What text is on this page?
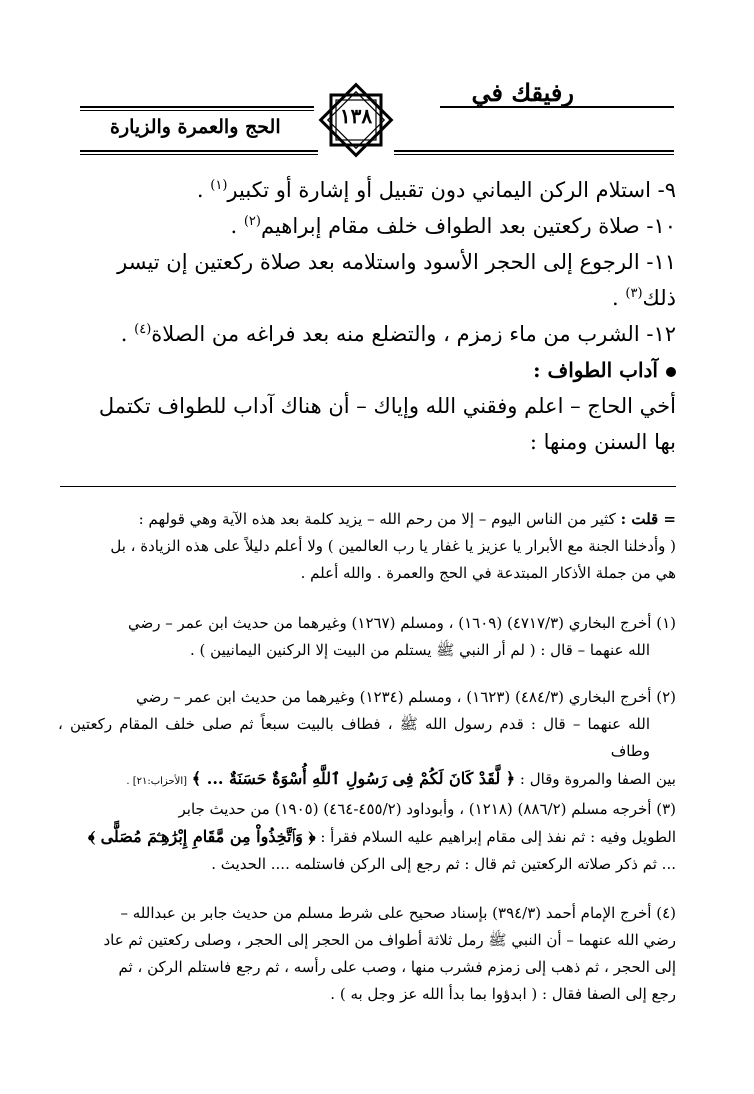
رفيقك في
الحج والعمرة والزيارة	١٣٨

٩- استلام الركن اليماني دون تقبيل أو إشارة أو تكبير$^{(١)}$ .

١٠- صلاة ركعتين بعد الطواف خلف مقام إبراهيم$^{(٢)}$ .

١١- الرجوع إلى الحجر الأسود واستلامه بعد صلاة ركعتين إن تيسر

ذلك$^{(٣)}$ .

١٢- الشرب من ماء زمزم ، والتضلع منه بعد فراغه من الصلاة$^{(٤)}$ .

آداب الطواف :

أخي الحاج – اعلم وفقني الله وإياك – أن هناك آداب للطواف تكتمل

بها السنن ومنها :

= قلت : كثير من الناس اليوم – إلا من رحم الله – يزيد كلمة بعد هذه الآية وهي قولهم :

( وأدخلنا الجنة مع الأبرار يا عزيز يا غفار يا رب العالمين ) ولا أعلم دليلاً على هذه الزيادة ، بل

هي من جملة الأذكار المبتدعة في الحج والعمرة . والله أعلم .

(١) أخرج البخاري (٤٧١٧/٣) (١٦٠٩) ، ومسلم (١٢٦٧) وغيرهما من حديث ابن عمر – رضي

الله عنهما – قال : ( لم أر النبي ﷺ يستلم من البيت إلا الركنين اليمانيين ) .

(٢) أخرج البخاري (٤٨٤/٣) (١٦٢٣) ، ومسلم (١٢٣٤) وغيرهما من حديث ابن عمر – رضي

الله عنهما – قال : قدم رسول الله ﷺ ، فطاف بالبيت سبعاً ثم صلى خلف المقام ركعتين ، وطاف

بين الصفا والمروة وقال : ﴿ لَّقَدْ كَانَ لَكُمْ فِى رَسُولِ ٱللَّهِ أُسْوَةٌ حَسَنَةٌ ... ﴾ [الأحزاب:٢١] .

(٣) أخرجه مسلم (٨٨٦/٢) (١٢١٨) ، وأبوداود (٤٥٥/٢-٤٦٤) (١٩٠٥) من حديث جابر

الطويل وفيه : ثم نفذ إلى مقام إبراهيم عليه السلام فقرأ : ﴿ وَٱتَّخِذُواْ مِن مَّقَامِ إِبْرَٰهِـۧمَ مُصَلًّى ﴾

... ثم ذكر صلاته الركعتين ثم قال : ثم رجع إلى الركن فاستلمه .... الحديث .

(٤) أخرج الإمام أحمد (٣٩٤/٣) بإسناد صحيح على شرط مسلم من حديث جابر بن عبدالله –

رضي الله عنهما – أن النبي ﷺ رمل ثلاثة أطواف من الحجر إلى الحجر ، وصلى ركعتين ثم عاد

إلى الحجر ، ثم ذهب إلى زمزم فشرب منها ، وصب على رأسه ، ثم رجع فاستلم الركن ، ثم

رجع إلى الصفا فقال : ( ابدؤوا بما بدأ الله عز وجل به ) .
